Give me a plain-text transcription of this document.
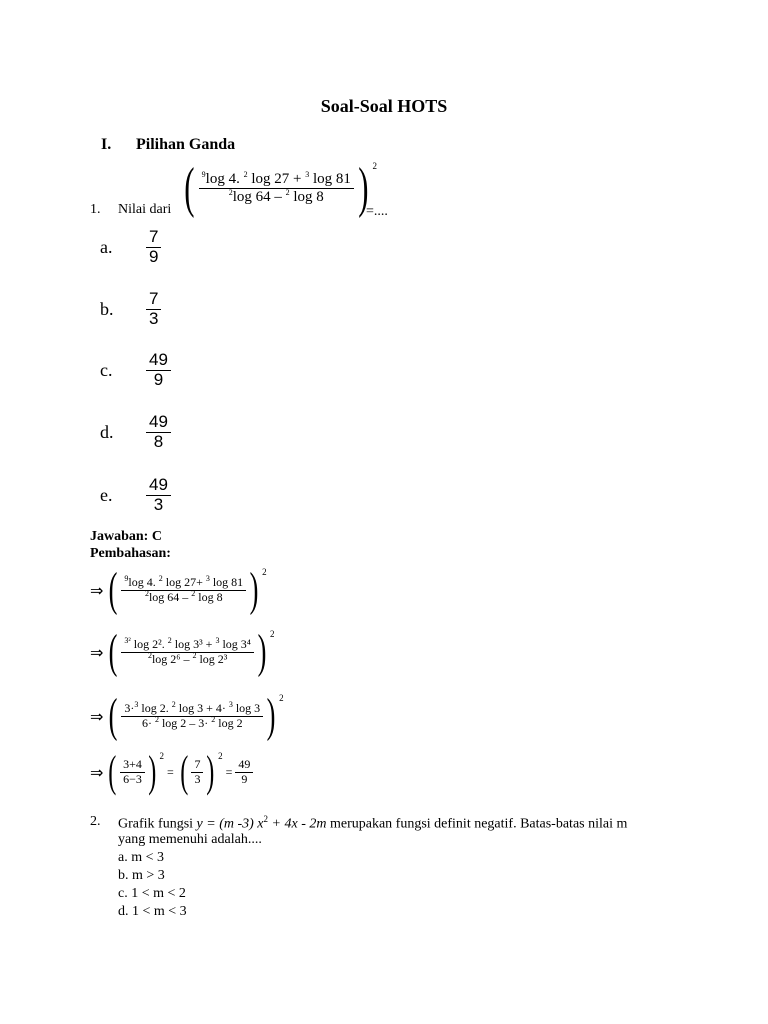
Soal-Soal HOTS
I. Pilihan Ganda
1. Nilai dari ( $\frac{^9\log 4. ^2 \log 27 + ^3 \log 81}{^2\log 64 - ^2 \log 8}$ ) 2
=....
a.	$\frac{7}{9}$
b.	$\frac{7}{3}$
c.	$\frac{49}{9}$
d.	$\frac{49}{8}$
e.	$\frac{49}{3}$
Jawaban: C
Pembahasan:
⇒ ( $\frac{^9\log 4. ^2 \log 27+ ^3 \log 81}{^2\log 64 - ^2 \log 8}$ ) 2
⇒ ( $\frac{^{3^2} \log 2^2. ^2 \log 3^3 + ^3 \log 3^4}{^2\log 2^6 - ^2 \log 2^3}$ ) 2
⇒ ( $\frac{3\cdot^3 \log 2. ^2 \log 3 + 4\cdot ^3 \log 3}{6\cdot ^2 \log 2 - 3\cdot ^2 \log 2}$ ) 2
⇒ ( $\frac{3+4}{6-3}$ ) 2
= ( $\frac{7}{3}$ ) 2
= $\frac{49}{9}$
2. Grafik fungsi y = (m -3) $x^2 + 4x - 2m$ merupakan fungsi definit negatif. Batas-batas nilai m
yang memenuhi adalah....
a. m < 3
b. m > 3
c. 1 < m < 2
d. 1 < m < 3
